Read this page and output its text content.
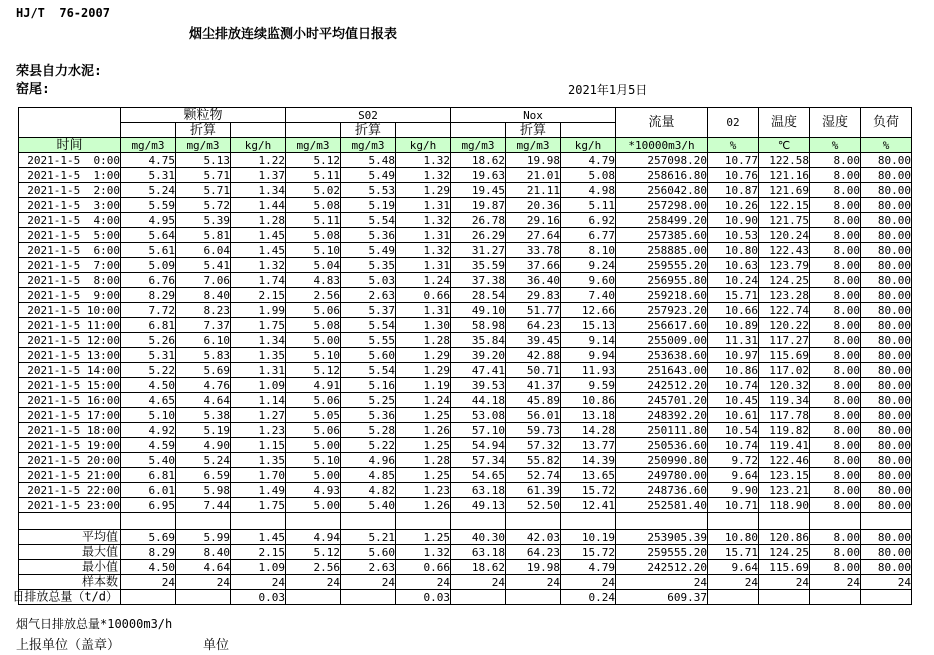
HJ/T  76-2007
烟尘排放连续监测小时平均值日报表
荣县自力水泥:
窑尾:	2021年1月5日
	颗粒物			S02			Nox			流量	02	温度	湿度	负荷
		折算			折算			折算						
时间	mg/m3	mg/m3	kg/h	mg/m3	mg/m3	kg/h	mg/m3	mg/m3	kg/h	*10000m3/h	%	℃	%	%
2021-1-5  0:00	4.75	5.13	1.22	5.12	5.48	1.32	18.62	19.98	4.79	257098.20	10.77	122.58	8.00	80.00
2021-1-5  1:00	5.31	5.71	1.37	5.11	5.49	1.32	19.63	21.01	5.08	258616.80	10.76	121.16	8.00	80.00
2021-1-5  2:00	5.24	5.71	1.34	5.02	5.53	1.29	19.45	21.11	4.98	256042.80	10.87	121.69	8.00	80.00
2021-1-5  3:00	5.59	5.72	1.44	5.08	5.19	1.31	19.87	20.36	5.11	257298.00	10.26	122.15	8.00	80.00
2021-1-5  4:00	4.95	5.39	1.28	5.11	5.54	1.32	26.78	29.16	6.92	258499.20	10.90	121.75	8.00	80.00
2021-1-5  5:00	5.64	5.81	1.45	5.08	5.36	1.31	26.29	27.64	6.77	257385.60	10.53	120.24	8.00	80.00
2021-1-5  6:00	5.61	6.04	1.45	5.10	5.49	1.32	31.27	33.78	8.10	258885.00	10.80	122.43	8.00	80.00
2021-1-5  7:00	5.09	5.41	1.32	5.04	5.35	1.31	35.59	37.66	9.24	259555.20	10.63	123.79	8.00	80.00
2021-1-5  8:00	6.76	7.06	1.74	4.83	5.03	1.24	37.38	36.40	9.60	256955.80	10.24	124.25	8.00	80.00
2021-1-5  9:00	8.29	8.40	2.15	2.56	2.63	0.66	28.54	29.83	7.40	259218.60	15.71	123.28	8.00	80.00
2021-1-5 10:00	7.72	8.23	1.99	5.06	5.37	1.31	49.10	51.77	12.66	257923.20	10.66	122.74	8.00	80.00
2021-1-5 11:00	6.81	7.37	1.75	5.08	5.54	1.30	58.98	64.23	15.13	256617.60	10.89	120.22	8.00	80.00
2021-1-5 12:00	5.26	6.10	1.34	5.00	5.55	1.28	35.84	39.45	9.14	255009.00	11.31	117.27	8.00	80.00
2021-1-5 13:00	5.31	5.83	1.35	5.10	5.60	1.29	39.20	42.88	9.94	253638.60	10.97	115.69	8.00	80.00
2021-1-5 14:00	5.22	5.69	1.31	5.12	5.54	1.29	47.41	50.71	11.93	251643.00	10.86	117.02	8.00	80.00
2021-1-5 15:00	4.50	4.76	1.09	4.91	5.16	1.19	39.53	41.37	9.59	242512.20	10.74	120.32	8.00	80.00
2021-1-5 16:00	4.65	4.64	1.14	5.06	5.25	1.24	44.18	45.89	10.86	245701.20	10.45	119.34	8.00	80.00
2021-1-5 17:00	5.10	5.38	1.27	5.05	5.36	1.25	53.08	56.01	13.18	248392.20	10.61	117.78	8.00	80.00
2021-1-5 18:00	4.92	5.19	1.23	5.06	5.28	1.26	57.10	59.73	14.28	250111.80	10.54	119.82	8.00	80.00
2021-1-5 19:00	4.59	4.90	1.15	5.00	5.22	1.25	54.94	57.32	13.77	250536.60	10.74	119.41	8.00	80.00
2021-1-5 20:00	5.40	5.24	1.35	5.10	4.96	1.28	57.34	55.82	14.39	250990.80	9.72	122.46	8.00	80.00
2021-1-5 21:00	6.81	6.59	1.70	5.00	4.85	1.25	54.65	52.74	13.65	249780.00	9.64	123.15	8.00	80.00
2021-1-5 22:00	6.01	5.98	1.49	4.93	4.82	1.23	63.18	61.39	15.72	248736.60	9.90	123.21	8.00	80.00
2021-1-5 23:00	6.95	7.44	1.75	5.00	5.40	1.26	49.13	52.50	12.41	252581.40	10.71	118.90	8.00	80.00

平均值	5.69	5.99	1.45	4.94	5.21	1.25	40.30	42.03	10.19	253905.39	10.80	120.86	8.00	80.00

最大值	8.29	8.40	2.15	5.12	5.60	1.32	63.18	64.23	15.72	259555.20	15.71	124.25	8.00	80.00

最小值	4.50	4.64	1.09	2.56	2.63	0.66	18.62	19.98	4.79	242512.20	9.64	115.69	8.00	80.00

样本数	24	24	24	24	24	24	24	24	24	24	24	24	24	24

日排放总量（t/d）			0.03			0.03			0.24	609.37				
烟气日排放总量*10000m3/h
上报单位（盖章）	单位
